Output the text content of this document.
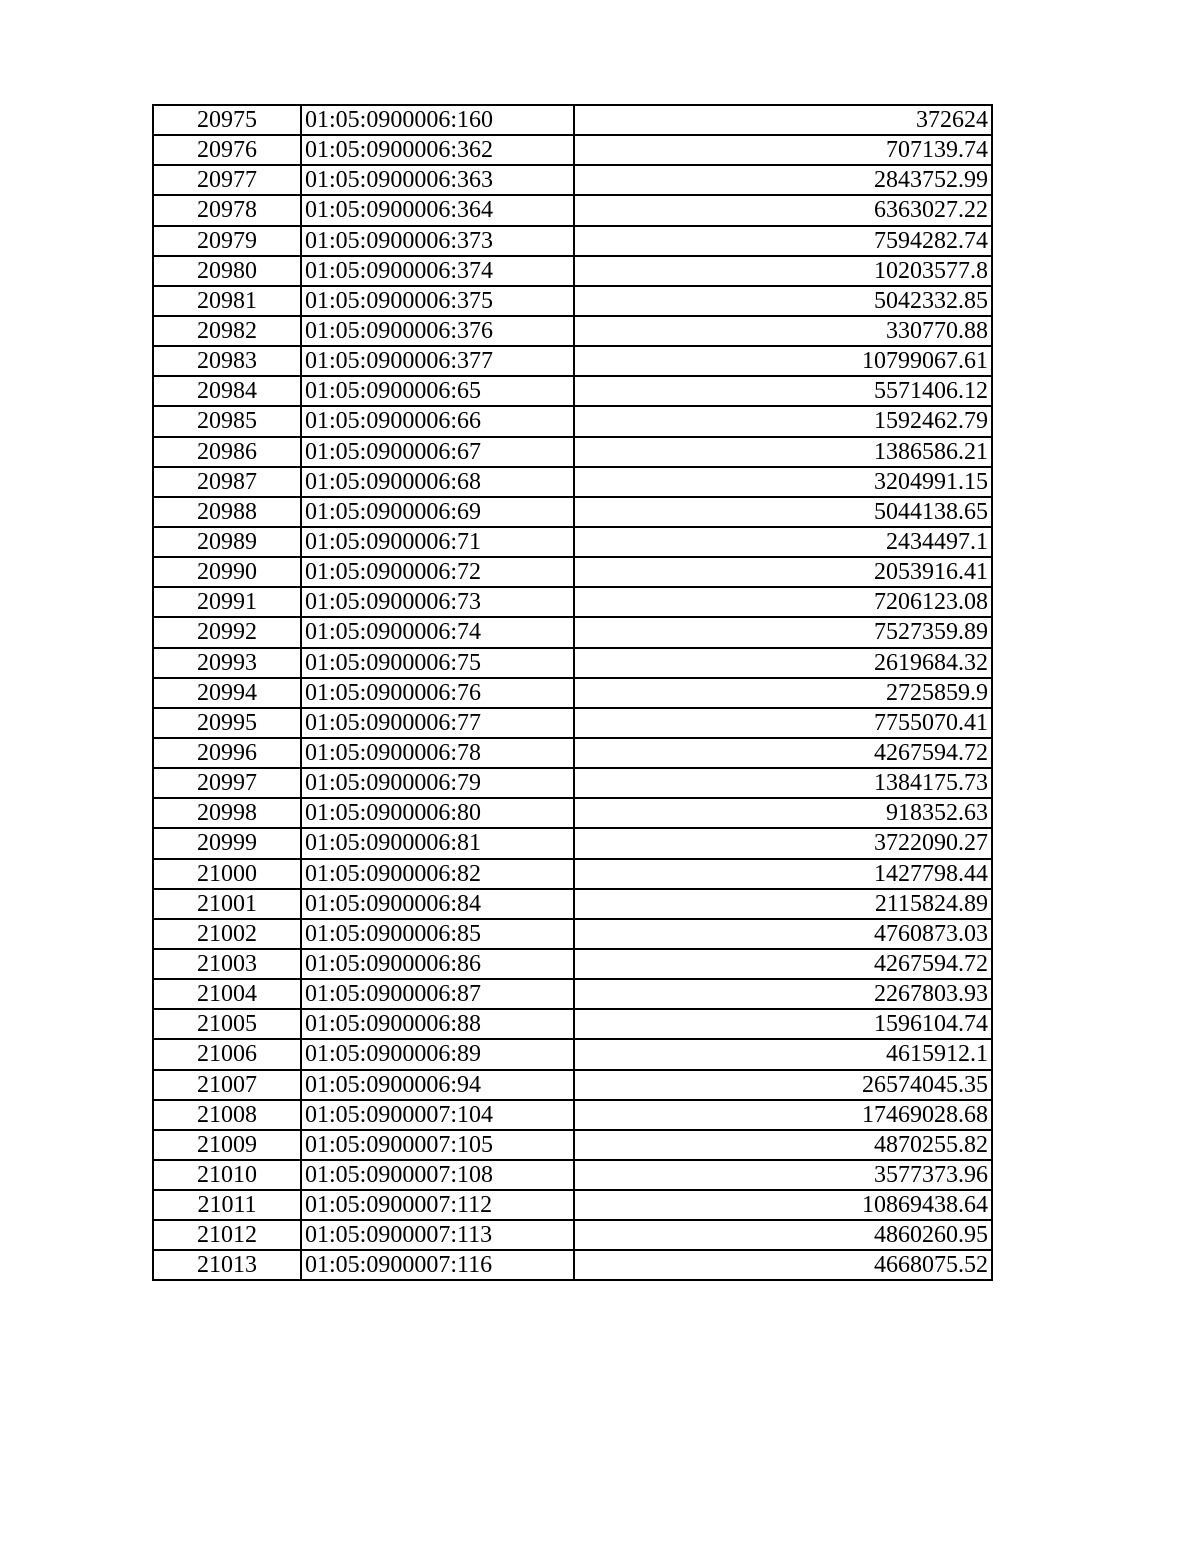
20975	01:05:0900006:160	372624
20976	01:05:0900006:362	707139.74
20977	01:05:0900006:363	2843752.99
20978	01:05:0900006:364	6363027.22
20979	01:05:0900006:373	7594282.74
20980	01:05:0900006:374	10203577.8
20981	01:05:0900006:375	5042332.85
20982	01:05:0900006:376	330770.88
20983	01:05:0900006:377	10799067.61
20984	01:05:0900006:65	5571406.12
20985	01:05:0900006:66	1592462.79
20986	01:05:0900006:67	1386586.21
20987	01:05:0900006:68	3204991.15
20988	01:05:0900006:69	5044138.65
20989	01:05:0900006:71	2434497.1
20990	01:05:0900006:72	2053916.41
20991	01:05:0900006:73	7206123.08
20992	01:05:0900006:74	7527359.89
20993	01:05:0900006:75	2619684.32
20994	01:05:0900006:76	2725859.9
20995	01:05:0900006:77	7755070.41
20996	01:05:0900006:78	4267594.72
20997	01:05:0900006:79	1384175.73
20998	01:05:0900006:80	918352.63
20999	01:05:0900006:81	3722090.27
21000	01:05:0900006:82	1427798.44
21001	01:05:0900006:84	2115824.89
21002	01:05:0900006:85	4760873.03
21003	01:05:0900006:86	4267594.72
21004	01:05:0900006:87	2267803.93
21005	01:05:0900006:88	1596104.74
21006	01:05:0900006:89	4615912.1
21007	01:05:0900006:94	26574045.35
21008	01:05:0900007:104	17469028.68
21009	01:05:0900007:105	4870255.82
21010	01:05:0900007:108	3577373.96
21011	01:05:0900007:112	10869438.64
21012	01:05:0900007:113	4860260.95
21013	01:05:0900007:116	4668075.52
